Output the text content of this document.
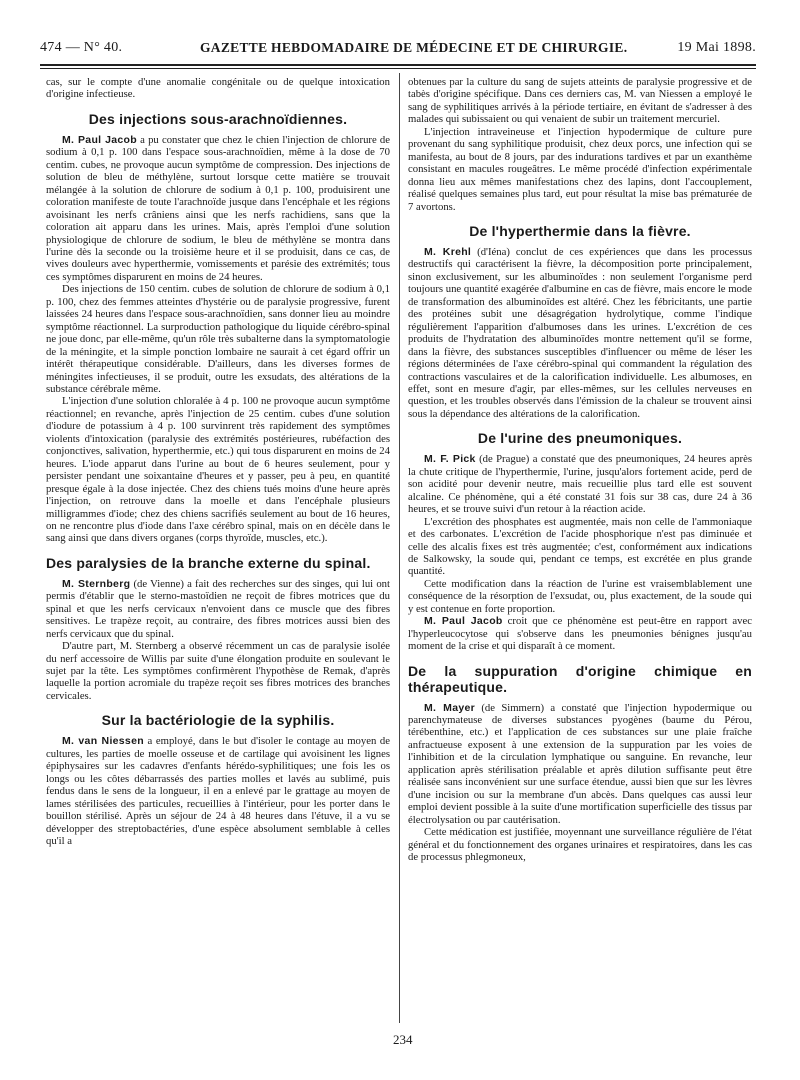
474 — N° 40.	GAZETTE HEBDOMADAIRE DE MÉDECINE ET DE CHIRURGIE.	19 Mai 1898.

cas, sur le compte d'une anomalie congénitale ou de quelque intoxication d'origine infectieuse.

Des injections sous-arachnoïdiennes.

M. Paul Jacob a pu constater que chez le chien l'injection de chlorure de sodium à 0,1 p. 100 dans l'espace sous-arachnoïdien, même à la dose de 70 centim. cubes, ne provoque aucun symptôme de compression. Des injections de solution de bleu de méthylène, surtout lorsque cette matière se trouvait mélangée à la solution de chlorure de sodium à 0,1 p. 100, produisirent une coloration manifeste de toute l'arachnoïde jusque dans l'encéphale et les régions avoisinant les nerfs crâniens ainsi que les nerfs rachidiens, sans que la coloration ait apparu dans les urines. Mais, après l'emploi d'une solution physiologique de chlorure de sodium, le bleu de méthylène se montra dans l'urine dès la seconde ou la troisième heure et il se produisit, dans ce cas, de vives douleurs avec hyperthermie, vomissements et parésie des extrémités; tous ces symptômes disparurent en moins de 24 heures.

Des injections de 150 centim. cubes de solution de chlorure de sodium à 0,1 p. 100, chez des femmes atteintes d'hystérie ou de paralysie progressive, furent laissées 24 heures dans l'espace sous-arachnoïdien, sans donner lieu au moindre symptôme réactionnel. La surproduction pathologique du liquide cérébro-spinal ne joue donc, par elle-même, qu'un rôle très subalterne dans la symptomatologie de la méningite, et la simple ponction lombaire ne saurait à cet égard offrir un intérêt thérapeutique considérable. D'ailleurs, dans les diverses formes de méningites infectieuses, il se produit, outre les exsudats, des altérations de la substance cérébrale même.

L'injection d'une solution chloralée à 4 p. 100 ne provoque aucun symptôme réactionnel; en revanche, après l'injection de 25 centim. cubes d'une solution d'iodure de potassium à 4 p. 100 survinrent très rapidement des symptômes violents d'intoxication (paralysie des extrémités postérieures, rubéfaction des conjonctives, salivation, hyperthermie, etc.) qui tous disparurent en moins de 24 heures. L'iode apparut dans l'urine au bout de 6 heures seulement, pour y persister pendant une soixantaine d'heures et y passer, peu à peu, en quantité presque égale à la dose injectée. Chez des chiens tués moins d'une heure après l'injection, on retrouve dans la moelle et dans l'encéphale plusieurs milligrammes d'iode; chez des chiens sacrifiés seulement au bout de 16 heures, on ne rencontre plus d'iode dans l'axe cérébro spinal, mais on en décèle dans le sang ainsi que dans divers organes (corps thyroïde, muscles, etc.).

Des paralysies de la branche externe du spinal.

M. Sternberg (de Vienne) a fait des recherches sur des singes, qui lui ont permis d'établir que le sterno-mastoïdien ne reçoit de fibres motrices que du spinal et que les nerfs cervicaux n'envoient dans ce muscle que des fibres sensitives. Le trapèze reçoit, au contraire, des fibres motrices aussi bien des nerfs cervicaux que du spinal.

D'autre part, M. Sternberg a observé récemment un cas de paralysie isolée du nerf accessoire de Willis par suite d'une élongation produite en soulevant le sujet par la tête. Les symptômes confirmèrent l'hypothèse de Remak, d'après laquelle la portion acromiale du trapèze reçoit ses fibres motrices des branches cervicales.

Sur la bactériologie de la syphilis.

M. van Niessen a employé, dans le but d'isoler le contage au moyen de cultures, les parties de moelle osseuse et de cartilage qui avoisinent les lignes épiphysaires sur les cadavres d'enfants hérédo-syphilitiques; une fois les os longs ou les côtes débarrassés des parties molles et lavés au sublimé, puis fendus dans le sens de la longueur, il en a enlevé par le grattage au moyen de lames stérilisées des particules, recueillies à l'intérieur, pour les porter dans le bouillon stérilisé. Après un séjour de 24 à 48 heures dans l'étuve, il a vu se développer des streptobactéries, d'une espèce absolument semblable à celles qu'il a

obtenues par la culture du sang de sujets atteints de paralysie progressive et de tabès d'origine spécifique. Dans ces derniers cas, M. van Niessen a employé le sang de syphilitiques arrivés à la période tertiaire, en évitant de s'adresser à des malades qui subissaient ou qui venaient de subir un traitement mercuriel.

L'injection intraveineuse et l'injection hypodermique de culture pure provenant du sang syphilitique produisit, chez deux porcs, une infection qui se manifesta, au bout de 8 jours, par des indurations tardives et par un exanthème consistant en macules rougeâtres. Le même procédé d'infection expérimentale donna lieu aux mêmes manifestations chez des lapins, dont l'accouplement, réalisé quelques semaines plus tard, eut pour résultat la mise bas prématurée de 7 avortons.

De l'hyperthermie dans la fièvre.

M. Krehl (d'Iéna) conclut de ces expériences que dans les processus destructifs qui caractérisent la fièvre, la décomposition porte principalement, sinon exclusivement, sur les albuminoïdes : non seulement l'organisme perd toujours une quantité exagérée d'albumine en cas de fièvre, mais encore le mode de transformation des albuminoïdes est altéré. Chez les fébricitants, une partie des protéines subit une désagrégation hydrolytique, comme l'indique régulièrement l'apparition d'albumoses dans les urines. L'excrétion de ces produits de l'hydratation des albuminoïdes montre nettement qu'il se forme, dans la fièvre, des substances susceptibles d'influencer ou même de léser les régions déterminées de l'axe cérébro-spinal qui commandent la régulation des contractions vasculaires et de la calorification individuelle. Les albumoses, en effet, sont en mesure d'agir, par elles-mêmes, sur les cellules nerveuses en question, et les troubles observés dans l'émission de la chaleur se trouvent ainsi sous la dépendance des altérations de la calorification.

De l'urine des pneumoniques.

M. F. Pick (de Prague) a constaté que des pneumoniques, 24 heures après la chute critique de l'hyperthermie, l'urine, jusqu'alors fortement acide, perd de son acidité pour devenir neutre, mais recueillie plus tard elle est souvent alcaline. Ce phénomène, qui a été constaté 31 fois sur 38 cas, dure 24 à 36 heures, et se trouve suivi d'un retour à la réaction acide.

L'excrétion des phosphates est augmentée, mais non celle de l'ammoniaque et des carbonates. L'excrétion de l'acide phosphorique n'est pas diminuée et celle des alcalis fixes est très augmentée; c'est, conformément aux indications de Salkowsky, la soude qui, pendant ce temps, est excrétée en plus grande quantité.

Cette modification dans la réaction de l'urine est vraisemblablement une conséquence de la résorption de l'exsudat, ou, plus exactement, de la soude qui y est contenue en forte proportion.

M. Paul Jacob croit que ce phénomène est peut-être en rapport avec l'hyperleucocytose qui s'observe dans les pneumonies bénignes jusqu'au moment de la crise et qui disparaît à ce moment.

De la suppuration d'origine chimique en thérapeutique.

M. Mayer (de Simmern) a constaté que l'injection hypodermique ou parenchymateuse de diverses substances pyogènes (baume du Pérou, térébenthine, etc.) et l'application de ces substances sur une plaie fraîche anfractueuse exposent à une extension de la suppuration par les voies de l'inhibition et de la circulation lymphatique ou sanguine. En revanche, leur application après stérilisation préalable et après dilution suffisante peut être réalisée sans inconvénient sur une surface étendue, aussi bien que sur les lèvres d'une incision ou sur la membrane d'un abcès. Dans quelques cas aussi leur emploi devient possible à la suite d'une mortification superficielle des tissus par électrolysation ou par cautérisation.

Cette médication est justifiée, moyennant une surveillance régulière de l'état général et du fonctionnement des organes urinaires et respiratoires, dans les cas de processus phlegmoneux,

234
